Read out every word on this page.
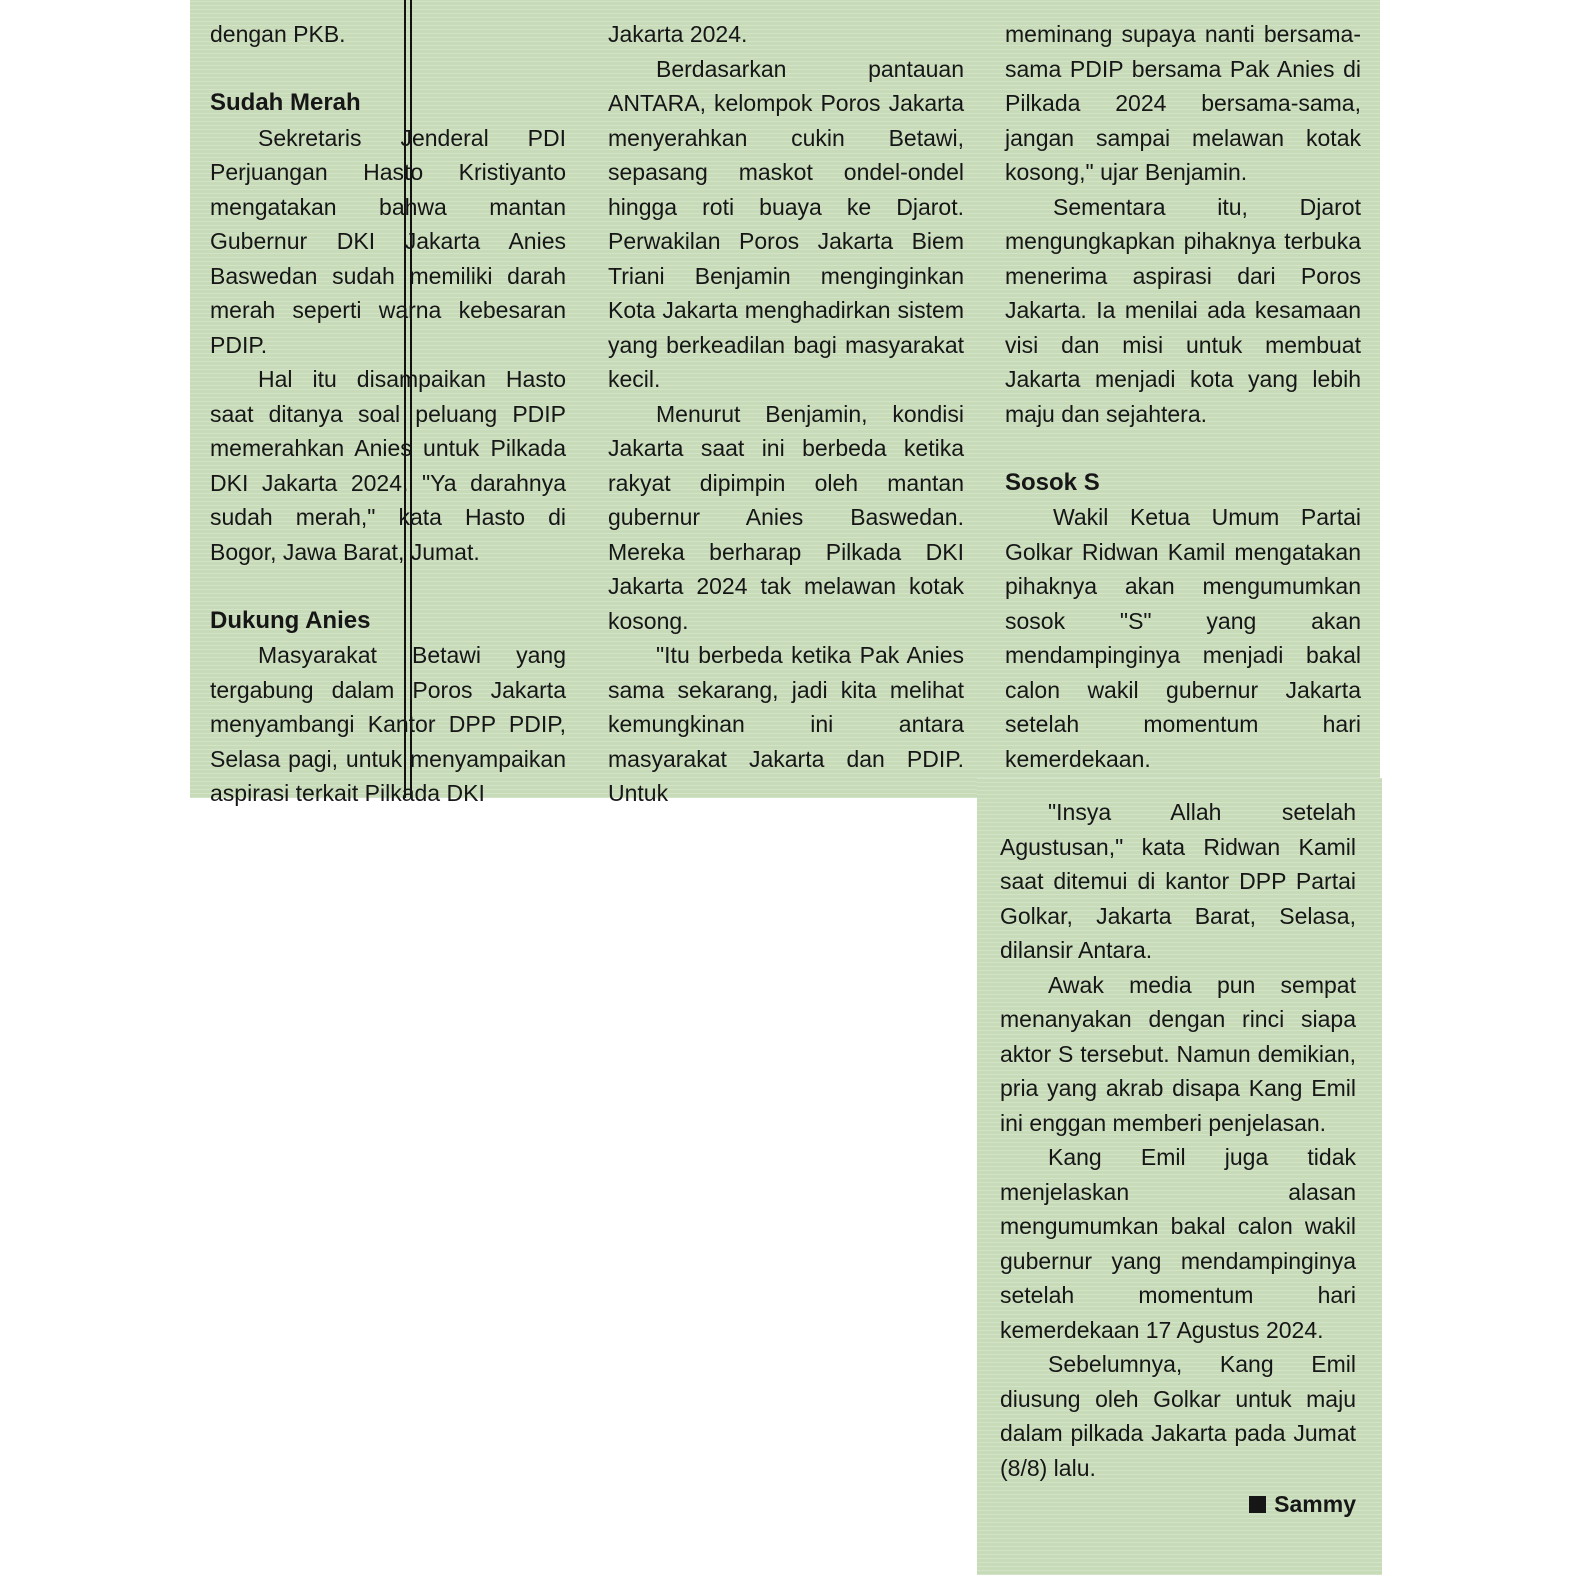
dengan PKB.

Sudah Merah

Sekretaris Jenderal PDI Perjuangan Hasto Kristiyanto mengatakan bahwa mantan Gubernur DKI Jakarta Anies Baswedan sudah memiliki darah merah seperti warna kebesaran PDIP.

Hal itu disampaikan Hasto saat ditanya soal peluang PDIP memerahkan Anies untuk Pilkada DKI Jakarta 2024. "Ya darahnya sudah merah," kata Hasto di Bogor, Jawa Barat, Jumat.

Dukung Anies

Masyarakat Betawi yang tergabung dalam Poros Jakarta menyambangi Kantor DPP PDIP, Selasa pagi, untuk menyampaikan aspirasi terkait Pilkada DKI

Jakarta 2024.

Berdasarkan pantauan ANTARA, kelompok Poros Jakarta menyerahkan cukin Betawi, sepasang maskot ondel-ondel hingga roti buaya ke Djarot. Perwakilan Poros Jakarta Biem Triani Benjamin menginginkan Kota Jakarta menghadirkan sistem yang berkeadilan bagi masyarakat kecil.

Menurut Benjamin, kondisi Jakarta saat ini berbeda ketika rakyat dipimpin oleh mantan gubernur Anies Baswedan. Mereka berharap Pilkada DKI Jakarta 2024 tak melawan kotak kosong.

"Itu berbeda ketika Pak Anies sama sekarang, jadi kita melihat kemungkinan ini antara masyarakat Jakarta dan PDIP. Untuk

meminang supaya nanti bersama-sama PDIP bersama Pak Anies di Pilkada 2024 bersama-sama, jangan sampai melawan kotak kosong," ujar Benjamin.

Sementara itu, Djarot mengungkapkan pihaknya terbuka menerima aspirasi dari Poros Jakarta. Ia menilai ada kesamaan visi dan misi untuk membuat Jakarta menjadi kota yang lebih maju dan sejahtera.

Sosok S

Wakil Ketua Umum Partai Golkar Ridwan Kamil mengatakan pihaknya akan mengumumkan sosok "S" yang akan mendampinginya menjadi bakal calon wakil gubernur Jakarta setelah momentum hari kemerdekaan.

"Insya Allah setelah Agustusan," kata Ridwan Kamil saat ditemui di kantor DPP Partai Golkar, Jakarta Barat, Selasa, dilansir Antara.

Awak media pun sempat menanyakan dengan rinci siapa aktor S tersebut. Namun demikian, pria yang akrab disapa Kang Emil ini enggan memberi penjelasan.

Kang Emil juga tidak menjelaskan alasan mengumumkan bakal calon wakil gubernur yang mendampinginya setelah momentum hari kemerdekaan 17 Agustus 2024.

Sebelumnya, Kang Emil diusung oleh Golkar untuk maju dalam pilkada Jakarta pada Jumat (8/8) lalu.

Sammy
